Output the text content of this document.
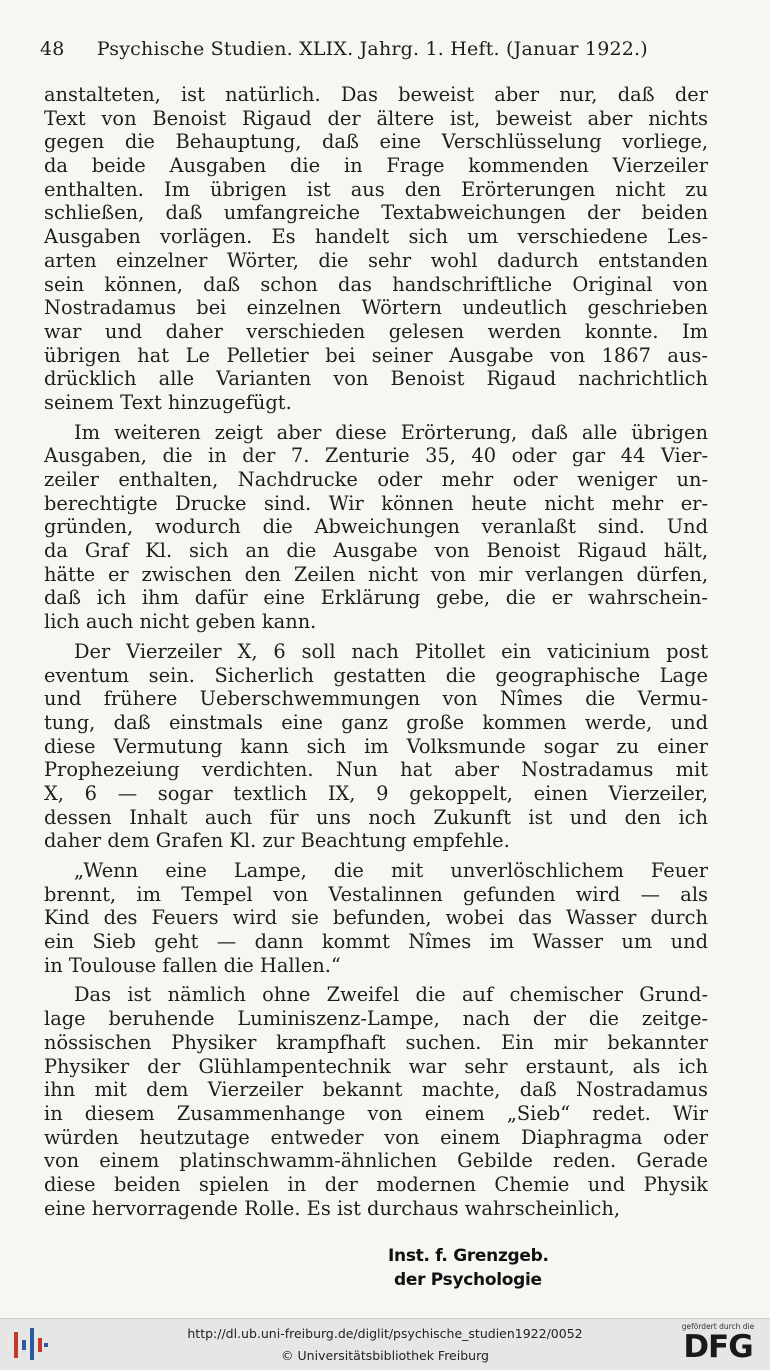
48 Psychische Studien. XLIX. Jahrg. 1. Heft. (Januar 1922.)
anstalteten, ist natürlich. Das beweist aber nur, daß der
Text von Benoist Rigaud der ältere ist, beweist aber nichts
gegen die Behauptung, daß eine Verschlüsselung vorliege,
da beide Ausgaben die in Frage kommenden Vierzeiler
enthalten. Im übrigen ist aus den Erörterungen nicht zu
schließen, daß umfangreiche Textabweichungen der beiden
Ausgaben vorlägen. Es handelt sich um verschiedene Les-
arten einzelner Wörter, die sehr wohl dadurch entstanden
sein können, daß schon das handschriftliche Original von
Nostradamus bei einzelnen Wörtern undeutlich geschrieben
war und daher verschieden gelesen werden konnte. Im
übrigen hat Le Pelletier bei seiner Ausgabe von 1867 aus-
drücklich alle Varianten von Benoist Rigaud nachrichtlich
seinem Text hinzugefügt.
Im weiteren zeigt aber diese Erörterung, daß alle übrigen
Ausgaben, die in der 7. Zenturie 35, 40 oder gar 44 Vier-
zeiler enthalten, Nachdrucke oder mehr oder weniger un-
berechtigte Drucke sind. Wir können heute nicht mehr er-
gründen, wodurch die Abweichungen veranlaßt sind. Und
da Graf Kl. sich an die Ausgabe von Benoist Rigaud hält,
hätte er zwischen den Zeilen nicht von mir verlangen dürfen,
daß ich ihm dafür eine Erklärung gebe, die er wahrschein-
lich auch nicht geben kann.
Der Vierzeiler X, 6 soll nach Pitollet ein vaticinium post
eventum sein. Sicherlich gestatten die geographische Lage
und frühere Ueberschwemmungen von Nîmes die Vermu-
tung, daß einstmals eine ganz große kommen werde, und
diese Vermutung kann sich im Volksmunde sogar zu einer
Prophezeiung verdichten. Nun hat aber Nostradamus mit
X, 6 — sogar textlich IX, 9 gekoppelt, einen Vierzeiler,
dessen Inhalt auch für uns noch Zukunft ist und den ich
daher dem Grafen Kl. zur Beachtung empfehle.
„Wenn eine Lampe, die mit unverlöschlichem Feuer
brennt, im Tempel von Vestalinnen gefunden wird — als
Kind des Feuers wird sie befunden, wobei das Wasser durch
ein Sieb geht — dann kommt Nîmes im Wasser um und
in Toulouse fallen die Hallen.“
Das ist nämlich ohne Zweifel die auf chemischer Grund-
lage beruhende Luminiszenz-Lampe, nach der die zeitge-
nössischen Physiker krampfhaft suchen. Ein mir bekannter
Physiker der Glühlampentechnik war sehr erstaunt, als ich
ihn mit dem Vierzeiler bekannt machte, daß Nostradamus
in diesem Zusammenhange von einem „Sieb“ redet. Wir
würden heutzutage entweder von einem Diaphragma oder
von einem platinschwamm-ähnlichen Gebilde reden. Gerade
diese beiden spielen in der modernen Chemie und Physik
eine hervorragende Rolle. Es ist durchaus wahrscheinlich,
Inst. f. Grenzgeb.
der Psychologie
http://dl.ub.uni-freiburg.de/diglit/psychische_studien1922/0052
© Universitätsbibliothek Freiburg
gefördert durch die
DFG
